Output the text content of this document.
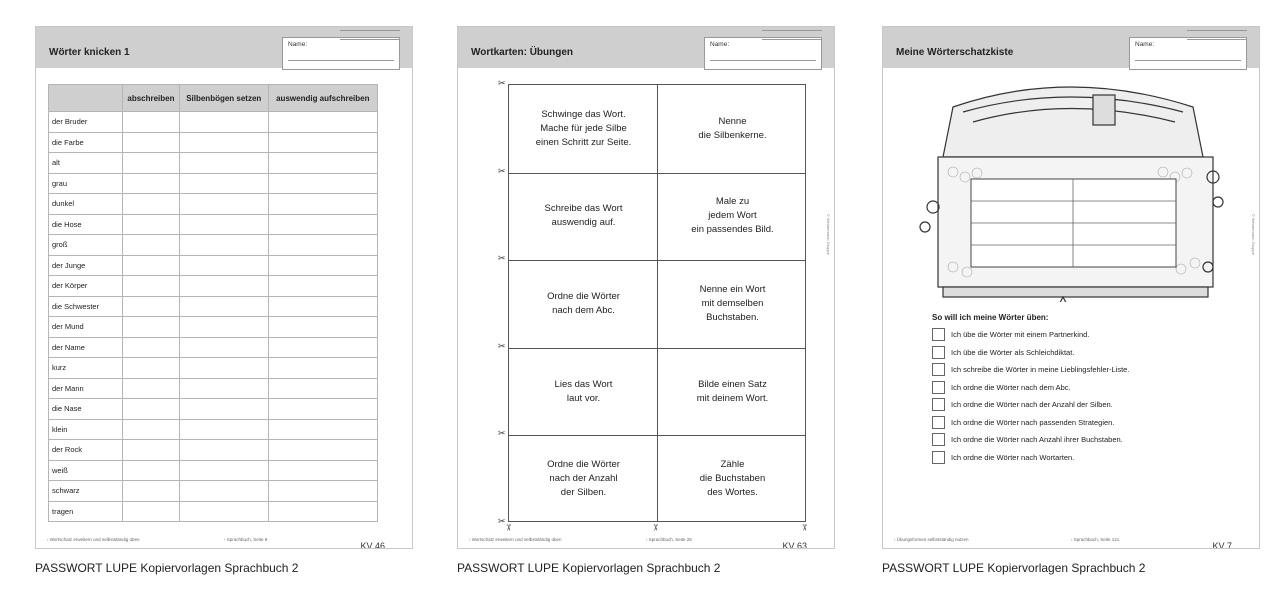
Wörter knicken 1
Name:
	abschreiben	Silbenbögen setzen	auswendig aufschreiben
der Bruder			
die Farbe			
alt			
grau			
dunkel			
die Hose			
groß			
der Junge			
der Körper			
die Schwester			
der Mund			
der Name			
kurz			
der Mann			
die Nase			
klein			
der Rock			
weiß			
schwarz			
tragen			
› Wortschatz erweitern und selbstständig üben	› Sprachbuch, Seite 9
KV 46
PASSWORT LUPE Kopiervorlagen Sprachbuch 2
Wortkarten: Übungen
Name:
Schwinge das Wort.
Mache für jede Silbe
einen Schritt zur Seite.
Nenne
die Silbenkerne.
Schreibe das Wort
auswendig auf.
Male zu
jedem Wort
ein passendes Bild.
Ordne die Wörter
nach dem Abc.
Nenne ein Wort
mit demselben
Buchstaben.
Lies das Wort
laut vor.
Bilde einen Satz
mit deinem Wort.
Ordne die Wörter
nach der Anzahl
der Silben.
Zähle
die Buchstaben
des Wortes.
✂
✂
✂
✂
✂
✂
✂	✂	✂
© Westermann Gruppe
› Wortschatz erweitern und selbstständig üben	› Sprachbuch, Seite 28
KV 63
PASSWORT LUPE Kopiervorlagen Sprachbuch 2
Meine Wörterschatzkiste
Name:
So will ich meine Wörter üben:
Ich übe die Wörter mit einem Partnerkind.
Ich übe die Wörter als Schleichdiktat.
Ich schreibe die Wörter in meine Lieblingsfehler-Liste.
Ich ordne die Wörter nach dem Abc.
Ich ordne die Wörter nach der Anzahl der Silben.
Ich ordne die Wörter nach passenden Strategien.
Ich ordne die Wörter nach Anzahl ihrer Buchstaben.
Ich ordne die Wörter nach Wortarten.
© Westermann Gruppe
› Übungsformen selbstständig nutzen	› Sprachbuch, Seite 121
KV 7
PASSWORT LUPE Kopiervorlagen Sprachbuch 2
